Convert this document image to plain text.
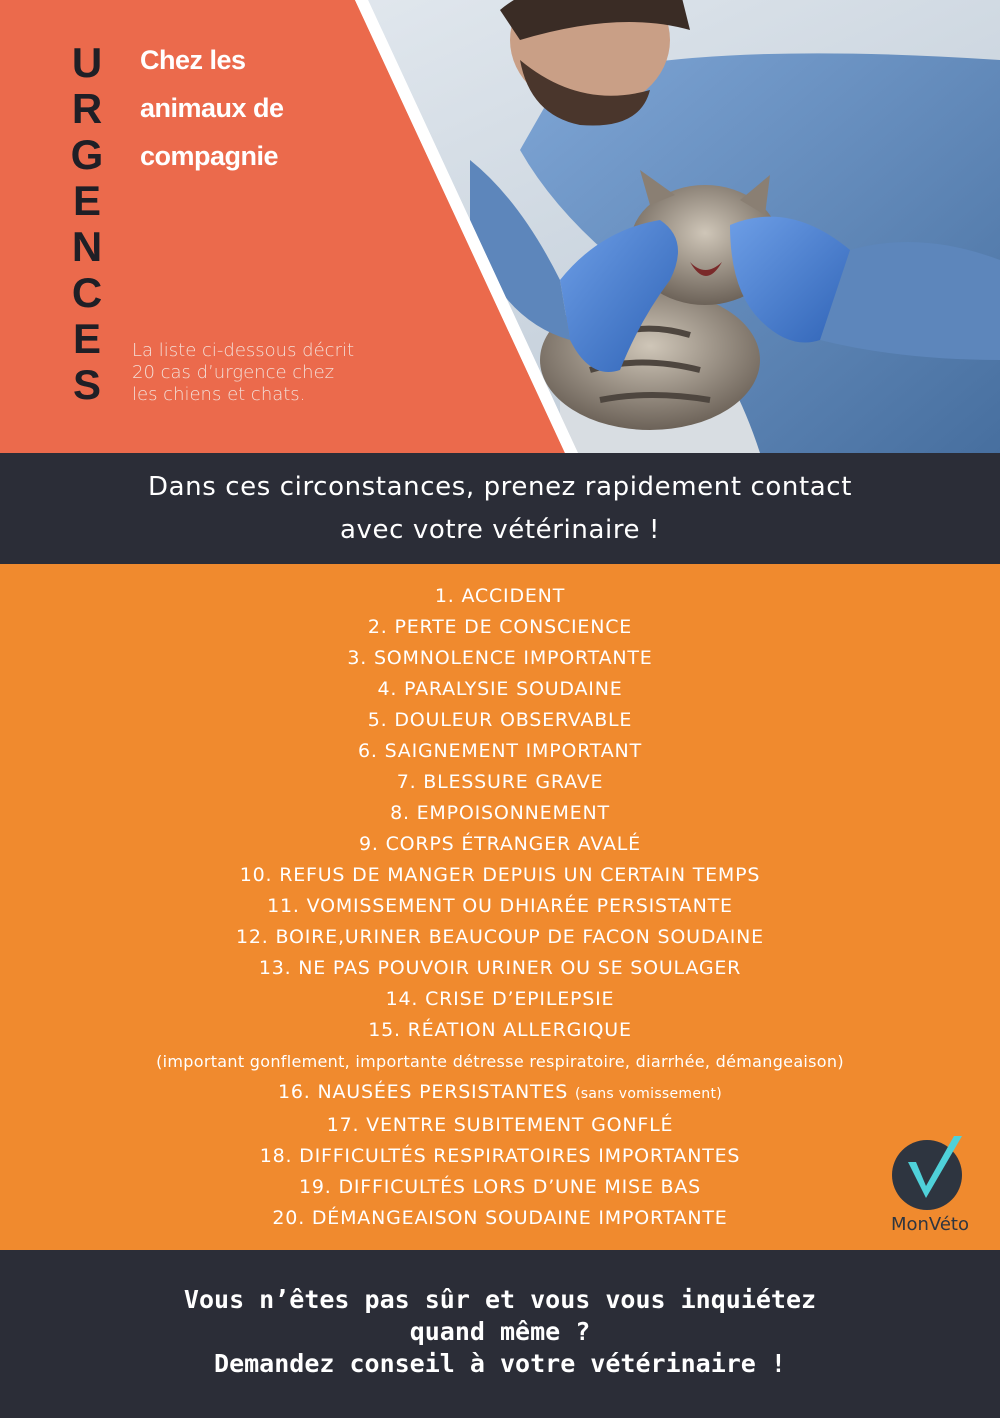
U
R
G
E
N
C
E
S
Chez les
animaux de
compagnie
La liste ci-dessous décrit
20 cas d’urgence chez
les chiens et chats.
Dans ces circonstances, prenez rapidement contact
avec votre vétérinaire !
1. ACCIDENT
2. PERTE DE CONSCIENCE
3. SOMNOLENCE IMPORTANTE
4. PARALYSIE SOUDAINE
5. DOULEUR OBSERVABLE
6. SAIGNEMENT IMPORTANT
7. BLESSURE GRAVE
8. EMPOISONNEMENT
9. CORPS ÉTRANGER AVALÉ
10. REFUS DE MANGER DEPUIS UN CERTAIN TEMPS
11. VOMISSEMENT OU DHIARÉE PERSISTANTE
12. BOIRE,URINER BEAUCOUP DE FACON SOUDAINE
13. NE PAS POUVOIR URINER OU SE SOULAGER
14. CRISE D’EPILEPSIE
15. RÉATION ALLERGIQUE
(important gonflement, importante détresse respiratoire, diarrhée, démangeaison)
16. NAUSÉES PERSISTANTES (sans vomissement)
17. VENTRE SUBITEMENT GONFLÉ
18. DIFFICULTÉS RESPIRATOIRES IMPORTANTES
19. DIFFICULTÉS LORS D’UNE MISE BAS
20. DÉMANGEAISON SOUDAINE IMPORTANTE	MonVéto
Vous n’êtes pas sûr et vous vous inquiétez
quand même ?
Demandez conseil à votre vétérinaire !
